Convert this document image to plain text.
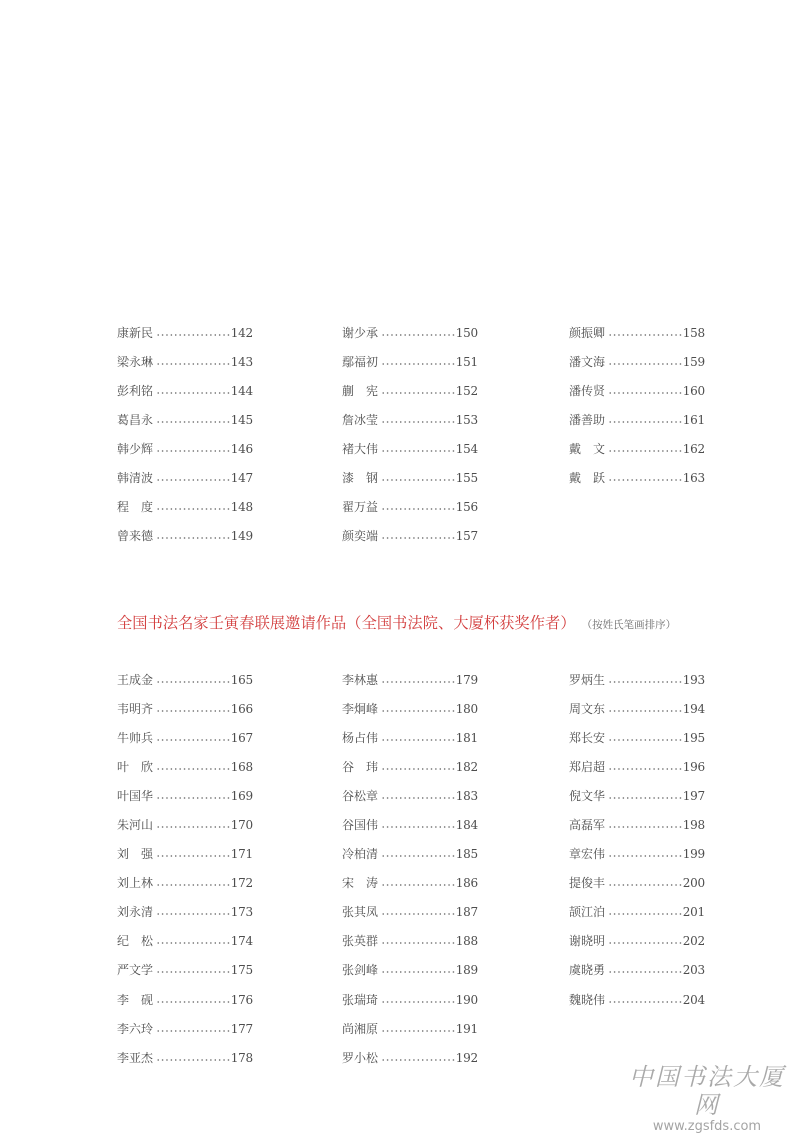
康新民	142
梁永琳	143
彭利铭	144
葛昌永	145
韩少辉	146
韩清波	147
程　度	148
曾来德	149
谢少承	150
鄢福初	151
蒯　宪	152
詹冰莹	153
褚大伟	154
漆　钢	155
翟万益	156
颜奕端	157
颜振卿	158
潘文海	159
潘传贤	160
潘善助	161
戴　文	162
戴　跃	163
全国书法名家壬寅春联展邀请作品（全国书法院、大厦杯获奖作者） （按姓氏笔画排序）
王成金	165
韦明齐	166
牛帅兵	167
叶　欣	168
叶国华	169
朱河山	170
刘　强	171
刘上林	172
刘永清	173
纪　松	174
严文学	175
李　砚	176
李六玲	177
李亚杰	178
李林惠	179
李炯峰	180
杨占伟	181
谷　玮	182
谷松章	183
谷国伟	184
冷柏清	185
宋　涛	186
张其凤	187
张英群	188
张剑峰	189
张瑞琦	190
尚湘原	191
罗小松	192
罗炳生	193
周文东	194
郑长安	195
郑启超	196
倪文华	197
高磊军	198
章宏伟	199
提俊丰	200
颉江泊	201
谢晓明	202
虞晓勇	203
魏晓伟	204
中国书法大厦网
www.zgsfds.com
